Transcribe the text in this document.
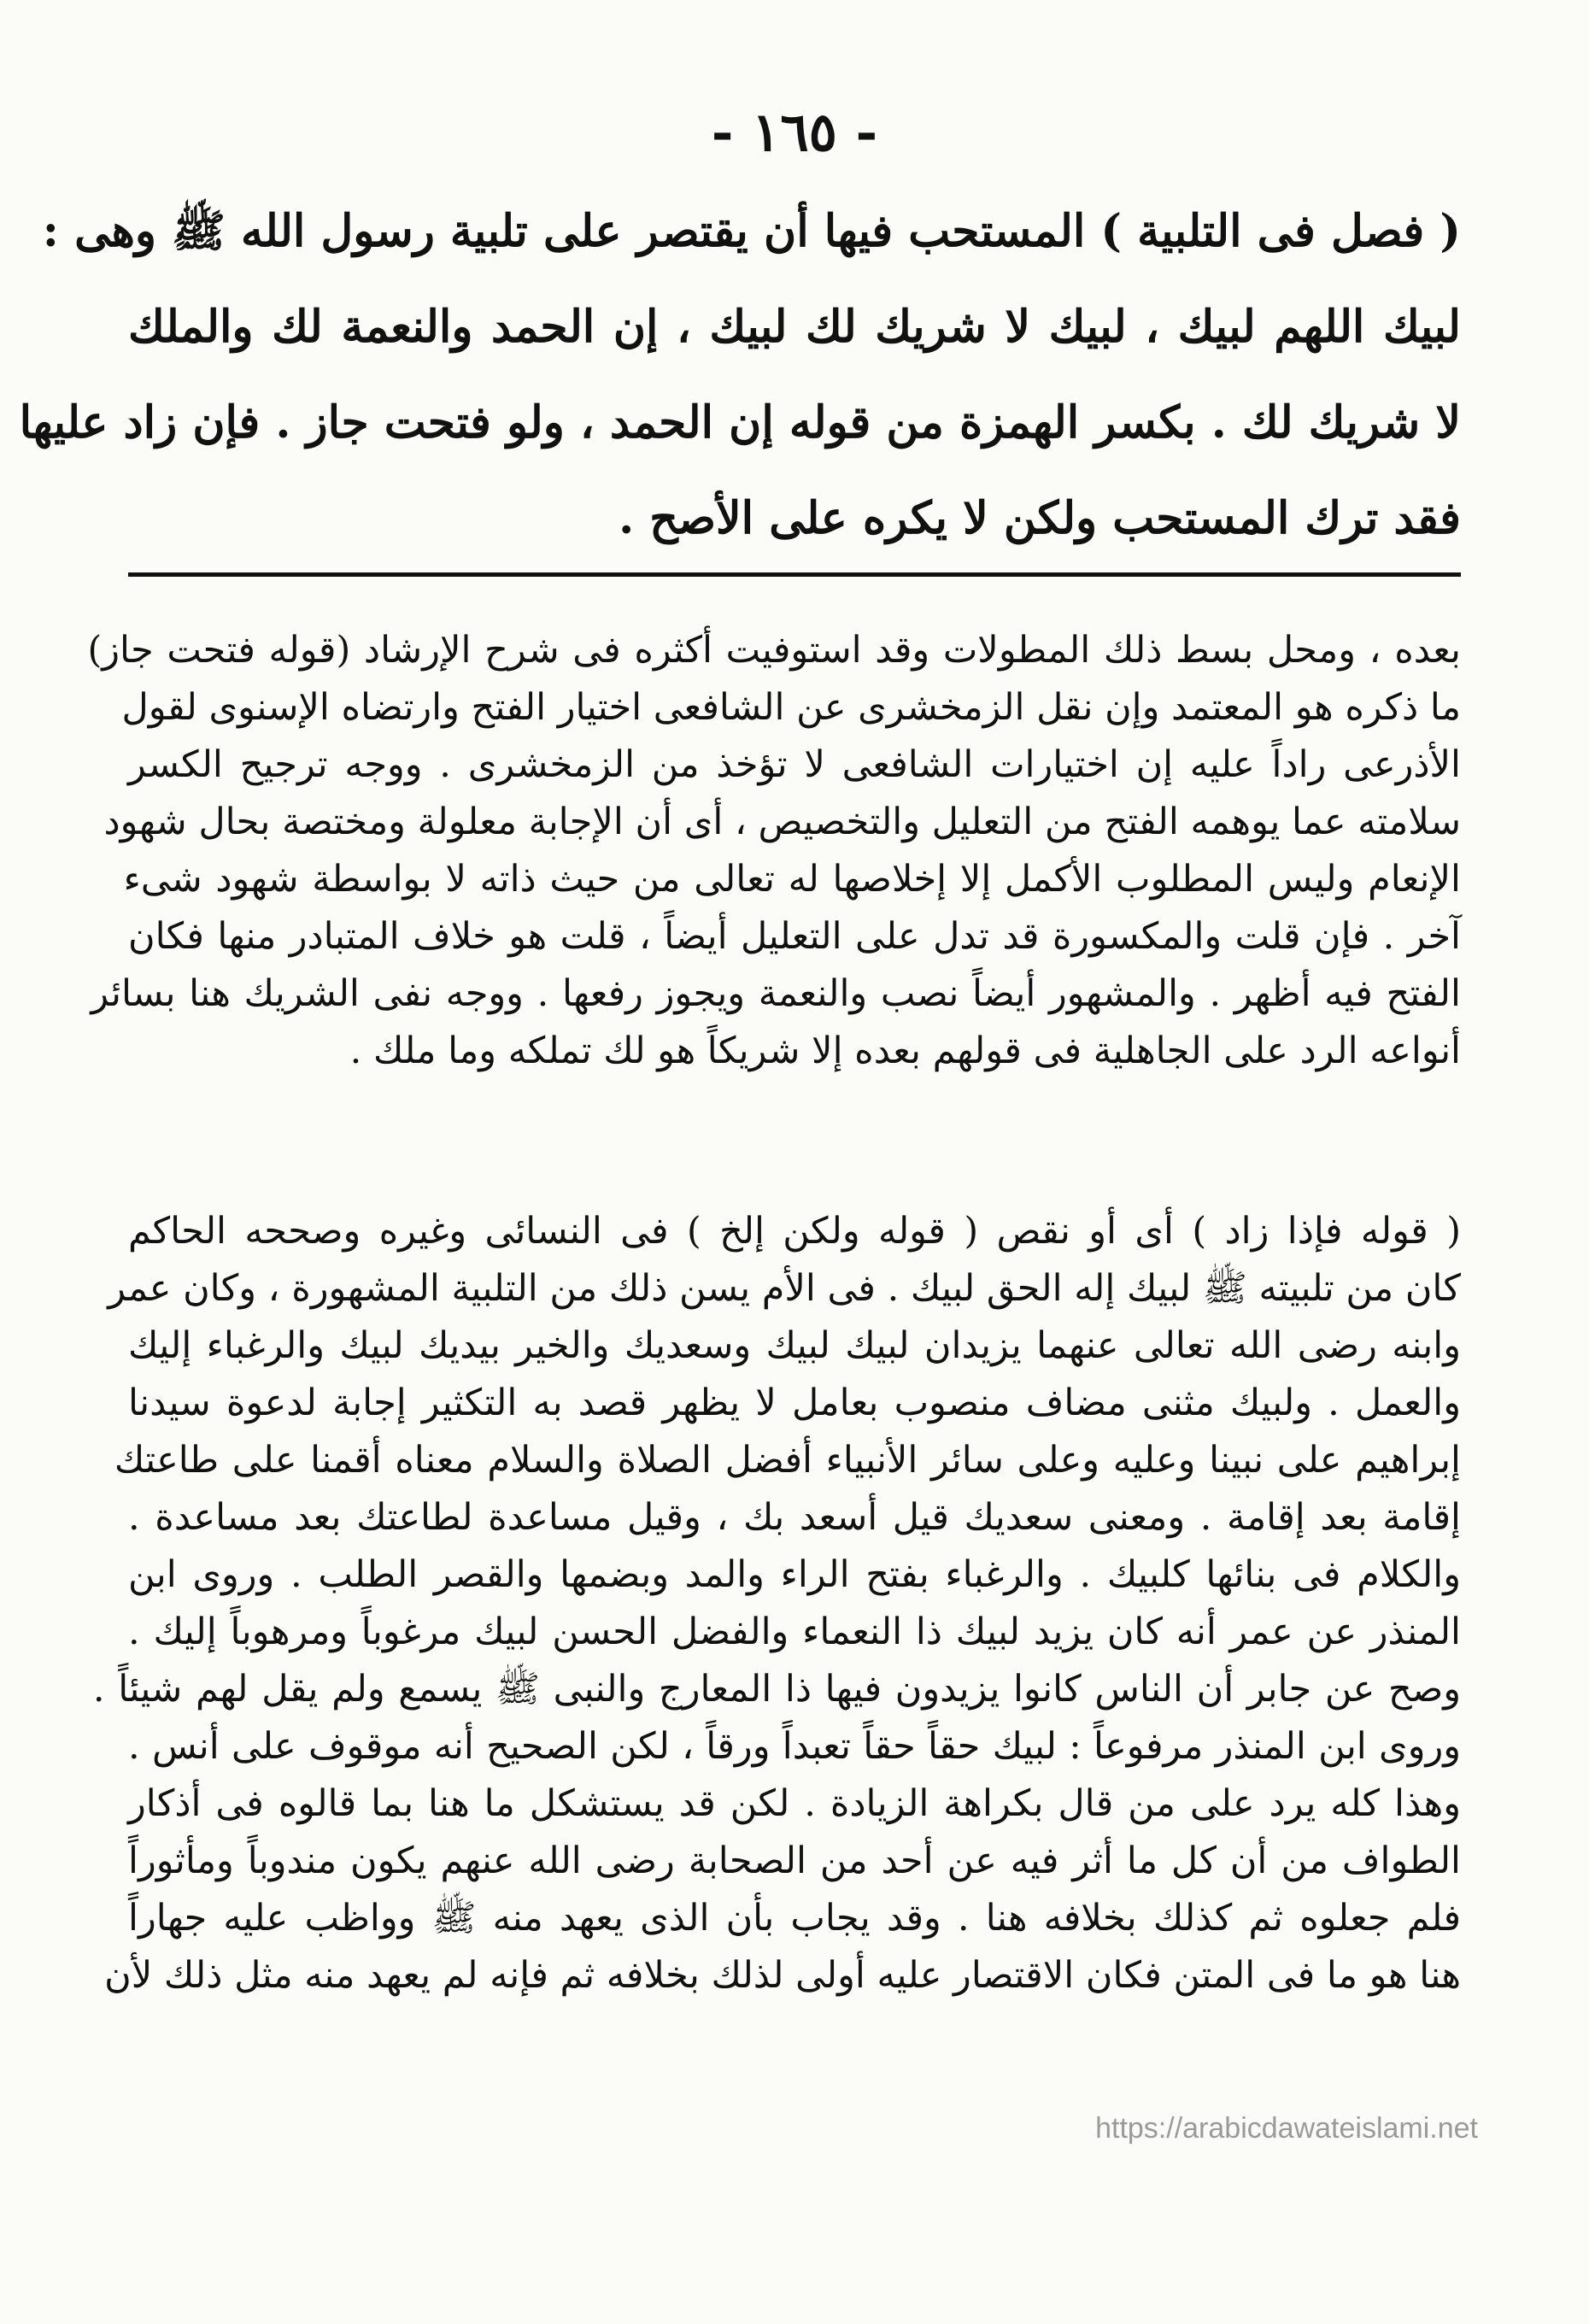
- ١٦٥ -
( فصل فى التلبية ) المستحب فيها أن يقتصر على تلبية رسول الله ﷺ وهى :
لبيك اللهم لبيك ، لبيك لا شريك لك لبيك ، إن الحمد والنعمة لك والملك
لا شريك لك . بكسر الهمزة من قوله إن الحمد ، ولو فتحت جاز . فإن زاد عليها
فقد ترك المستحب ولكن لا يكره على الأصح .
بعده ، ومحل بسط ذلك المطولات وقد استوفيت أكثره فى شرح الإرشاد (قوله فتحت جاز)
ما ذكره هو المعتمد وإن نقل الزمخشرى عن الشافعى اختيار الفتح وارتضاه الإسنوى لقول
الأذرعى راداً عليه إن اختيارات الشافعى لا تؤخذ من الزمخشرى . ووجه ترجيح الكسر
سلامته عما يوهمه الفتح من التعليل والتخصيص ، أى أن الإجابة معلولة ومختصة بحال شهود
الإنعام وليس المطلوب الأكمل إلا إخلاصها له تعالى من حيث ذاته لا بواسطة شهود شىء
آخر . فإن قلت والمكسورة قد تدل على التعليل أيضاً ، قلت هو خلاف المتبادر منها فكان
الفتح فيه أظهر . والمشهور أيضاً نصب والنعمة ويجوز رفعها . ووجه نفى الشريك هنا بسائر
أنواعه الرد على الجاهلية فى قولهم بعده إلا شريكاً هو لك تملكه وما ملك .
( قوله فإذا زاد ) أى أو نقص ( قوله ولكن إلخ ) فى النسائى وغيره وصححه الحاكم
كان من تلبيته ﷺ لبيك إله الحق لبيك . فى الأم يسن ذلك من التلبية المشهورة ، وكان عمر
وابنه رضى الله تعالى عنهما يزيدان لبيك لبيك وسعديك والخير بيديك لبيك والرغباء إليك
والعمل . ولبيك مثنى مضاف منصوب بعامل لا يظهر قصد به التكثير إجابة لدعوة سيدنا
إبراهيم على نبينا وعليه وعلى سائر الأنبياء أفضل الصلاة والسلام معناه أقمنا على طاعتك
إقامة بعد إقامة . ومعنى سعديك قيل أسعد بك ، وقيل مساعدة لطاعتك بعد مساعدة .
والكلام فى بنائها كلبيك . والرغباء بفتح الراء والمد وبضمها والقصر الطلب . وروى ابن
المنذر عن عمر أنه كان يزيد لبيك ذا النعماء والفضل الحسن لبيك مرغوباً ومرهوباً إليك .
وصح عن جابر أن الناس كانوا يزيدون فيها ذا المعارج والنبى ﷺ يسمع ولم يقل لهم شيئاً .
وروى ابن المنذر مرفوعاً : لبيك حقاً حقاً تعبداً ورقاً ، لكن الصحيح أنه موقوف على أنس .
وهذا كله يرد على من قال بكراهة الزيادة . لكن قد يستشكل ما هنا بما قالوه فى أذكار
الطواف من أن كل ما أثر فيه عن أحد من الصحابة رضى الله عنهم يكون مندوباً ومأثوراً
فلم جعلوه ثم كذلك بخلافه هنا . وقد يجاب بأن الذى يعهد منه ﷺ وواظب عليه جهاراً
هنا هو ما فى المتن فكان الاقتصار عليه أولى لذلك بخلافه ثم فإنه لم يعهد منه مثل ذلك لأن
https://arabicdawateislami.net
